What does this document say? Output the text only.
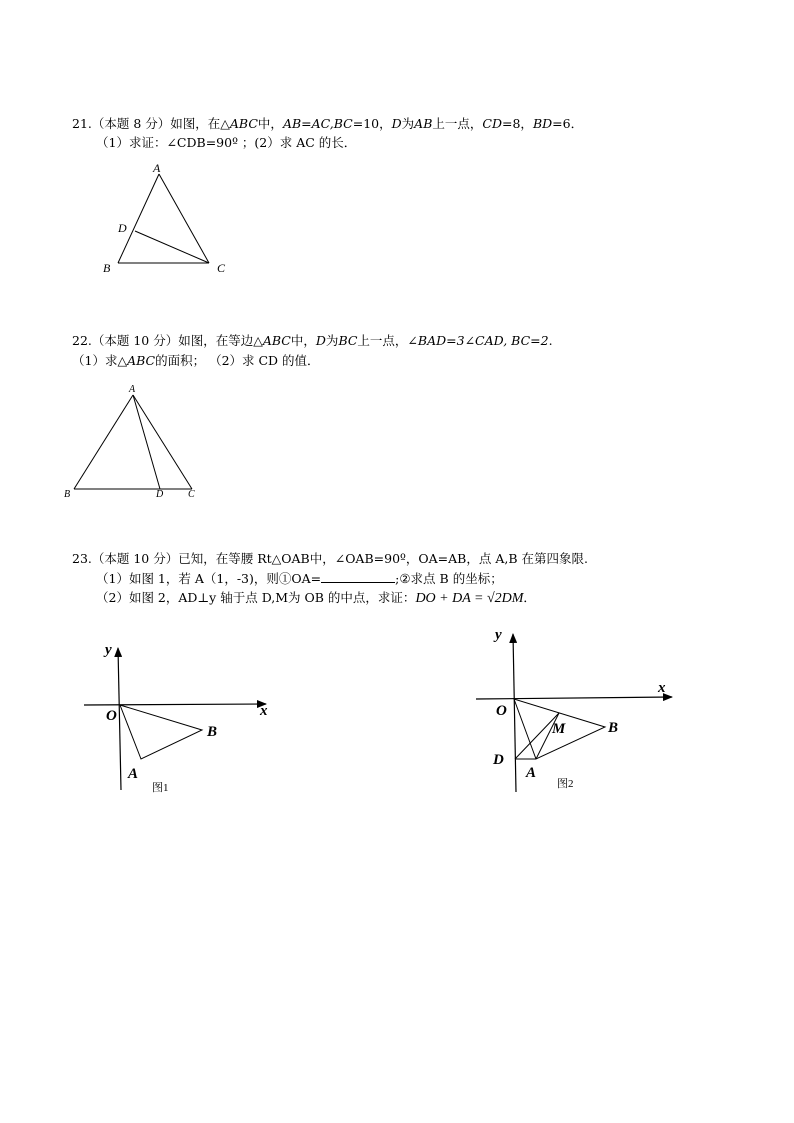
21.（本题 8 分）如图，在△ABC中，AB=AC,BC=10，D为AB上一点，CD=8，BD=6．
（1）求证：∠CDB=90º ；(2）求 AC 的长．
A
D
B	C
22.（本题 10 分）如图，在等边△ABC中，D为BC上一点，∠BAD=3∠CAD, BC=2.
（1）求△ABC的面积； （2）求 CD 的值．
A
B	D C
23.（本题 10 分）已知，在等腰 Rt△OAB中，∠OAB=90º，OA=AB，点 A,B 在第四象限.
（1）如图 1，若 A（1，-3)，则①OA=	;②求点 B 的坐标；
（2）如图 2，AD⊥y 轴于点 D,M为 OB 的中点，求证：DO + DA = √2DM．
y
x
O
A
B
图1
y
x
O
M	B
D
A
图2
